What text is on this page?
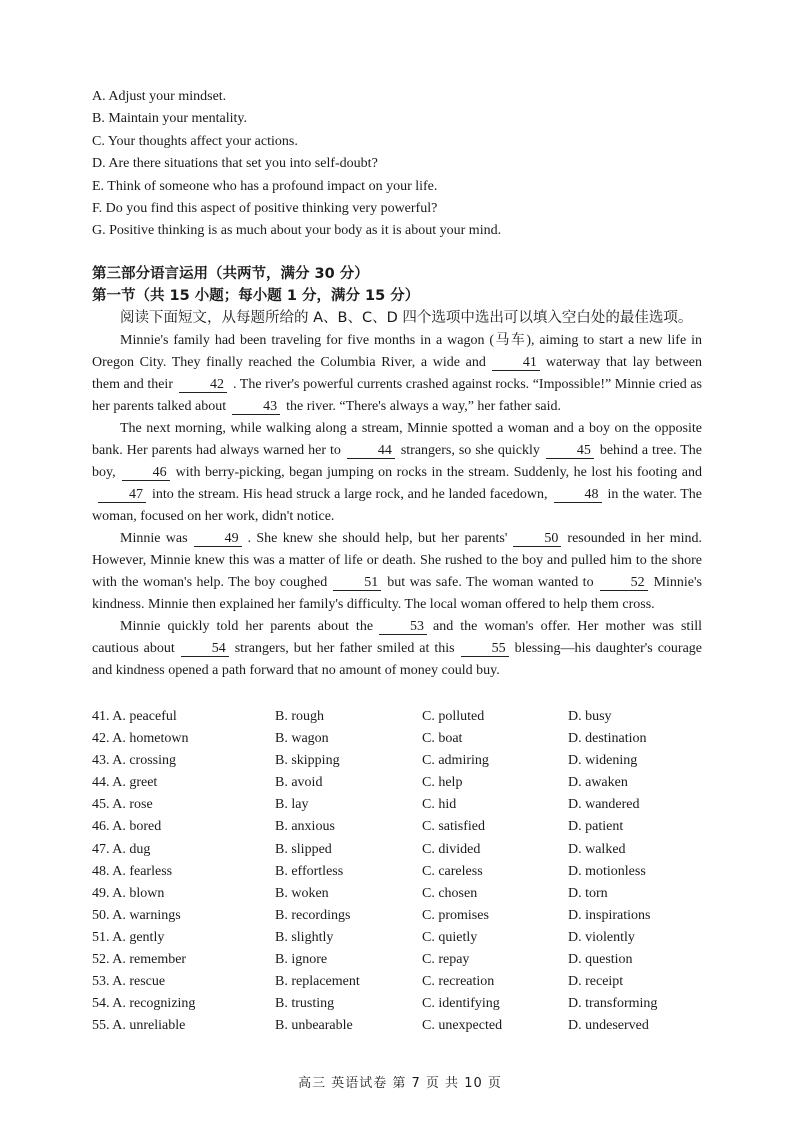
A. Adjust your mindset.
B. Maintain your mentality.
C. Your thoughts affect your actions.
D. Are there situations that set you into self-doubt?
E. Think of someone who has a profound impact on your life.
F. Do you find this aspect of positive thinking very powerful?
G. Positive thinking is as much about your body as it is about your mind.
第三部分语言运用（共两节，满分 30 分）
第一节（共 15 小题；每小题 1 分，满分 15 分）
阅读下面短文，从每题所给的 A、B、C、D 四个选项中选出可以填入空白处的最佳选项。

Minnie's family had been traveling for five months in a wagon (马车), aiming to start a new life in Oregon City. They finally reached the Columbia River, a wide and	41 waterway that lay between them and their	42 . The river's powerful currents crashed against rocks. “Impossible!” Minnie cried as her parents talked about	43 the river. “There's always a way,” her father said.

The next morning, while walking along a stream, Minnie spotted a woman and a boy on the opposite bank. Her parents had always warned her to	44 strangers, so she quickly	45 behind a tree. The boy,	46 with berry-picking, began jumping on rocks in the stream. Suddenly, he lost his footing and47 into the stream. His head struck a large rock, and he landed facedown,	48 in the water. The woman, focused on her work, didn't notice.

Minnie was	49 . She knew she should help, but her parents'	50 resounded in her mind. However, Minnie knew this was a matter of life or death. She rushed to the boy and pulled him to the shore with the woman's help. The boy coughed	51 but was safe. The woman wanted to	52 Minnie's kindness. Minnie then explained her family's difficulty. The local woman offered to help them cross.

Minnie quickly told her parents about the	53 and the woman's offer. Her mother was still cautious about	54 strangers, but her father smiled at this	55 blessing—his daughter's courage and kindness opened a path forward that no amount of money could buy.

41. A. peaceful	B. rough	C. polluted	D. busy
42. A. hometown	B. wagon	C. boat	D. destination
43. A. crossing	B. skipping	C. admiring	D. widening
44. A. greet	B. avoid	C. help	D. awaken
45. A. rose	B. lay	C. hid	D. wandered
46. A. bored	B. anxious	C. satisfied	D. patient
47. A. dug	B. slipped	C. divided	D. walked
48. A. fearless	B. effortless	C. careless	D. motionless
49. A. blown	B. woken	C. chosen	D. torn
50. A. warnings	B. recordings	C. promises	D. inspirations
51. A. gently	B. slightly	C. quietly	D. violently
52. A. remember	B. ignore	C. repay	D. question
53. A. rescue	B. replacement	C. recreation	D. receipt
54. A. recognizing	B. trusting	C. identifying	D. transforming
55. A. unreliable	B. unbearable	C. unexpected	D. undeserved
高三 英语试卷 第 7 页 共 10 页
